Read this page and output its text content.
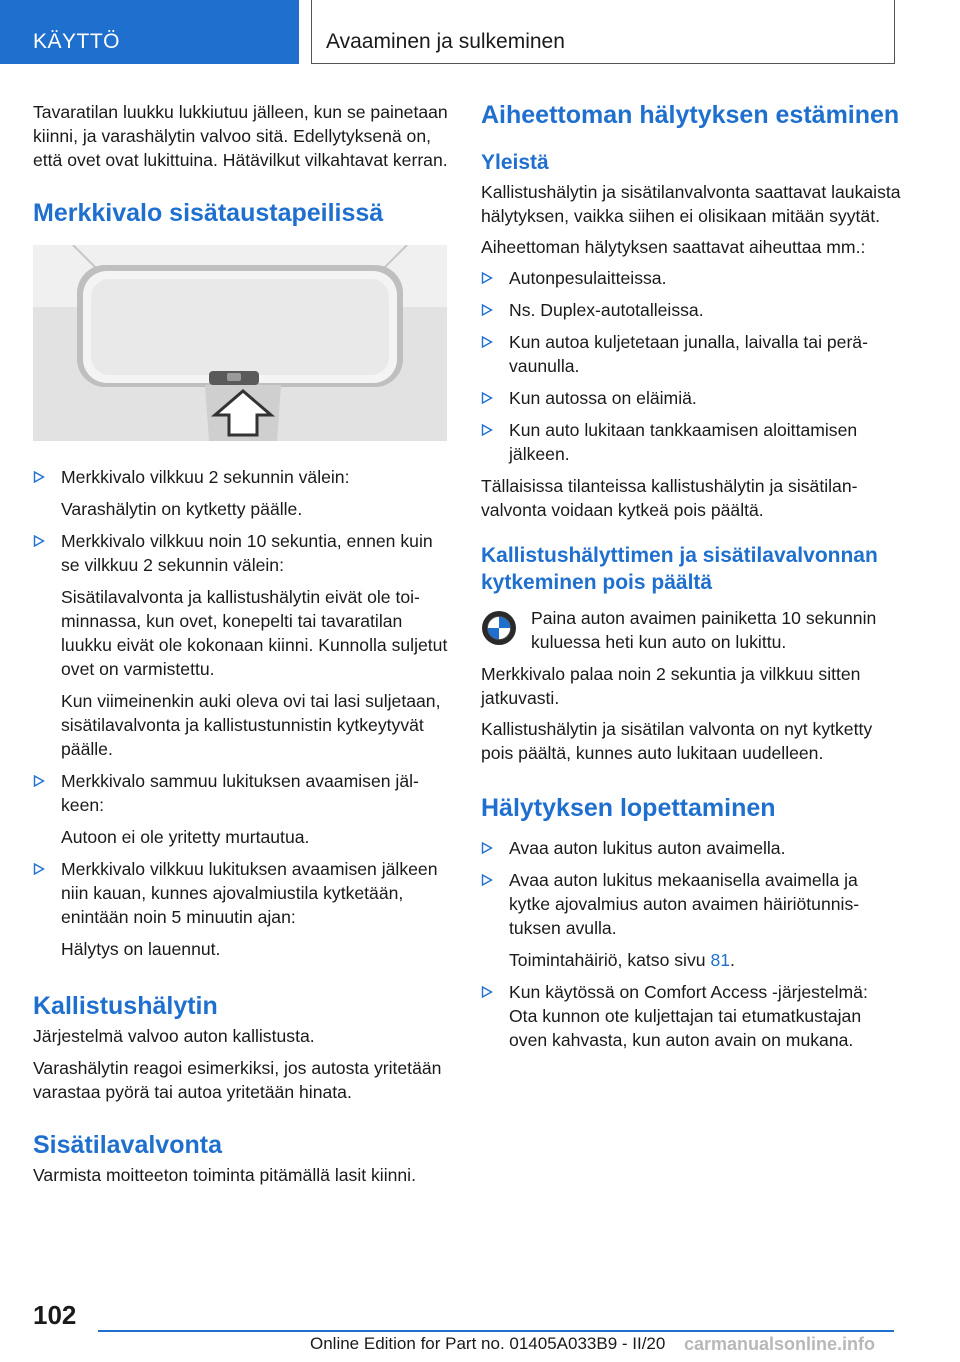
KÄYTTÖ	Avaaminen ja sulkeminen

Tavaratilan luukku lukkiutuu jälleen, kun se painetaan kiinni, ja varashälytin valvoo sitä. Edellytyksenä on, että ovet ovat lukittuina. Hätävilkut vilkahtavat kerran.

Merkkivalo sisätaustapeilissä
Merkkivalo vilkkuu 2 sekunnin välein:
Varashälytin on kytketty päälle.
Merkkivalo vilkkuu noin 10 sekuntia, ennen kuin se vilkkuu 2 sekunnin välein:
Sisätilavalvonta ja kallistushälytin eivät ole toiminnassa, kun ovet, konepelti tai tavaratilan luukku eivät ole kokonaan kiinni. Kunnolla suljetut ovet on varmistettu.
Kun viimeinenkin auki oleva ovi tai lasi suljetaan, sisätilavalvonta ja kallistustunnistin kytkeytyvät päälle.
Merkkivalo sammuu lukituksen avaamisen jälkeen:
Autoon ei ole yritetty murtautua.
Merkkivalo vilkkuu lukituksen avaamisen jälkeen niin kauan, kunnes ajovalmiustila kytketään, enintään noin 5 minuutin ajan:
Hälytys on lauennut.
Kallistushälytin

Järjestelmä valvoo auton kallistusta.

Varashälytin reagoi esimerkiksi, jos autosta yritetään varastaa pyörä tai autoa yritetään hinata.

Sisätilavalvonta

Varmista moitteeton toiminta pitämällä lasit kiinni.

Aiheettoman hälytyksen estäminen
Yleistä

Kallistushälytin ja sisätilanvalvonta saattavat laukaista hälytyksen, vaikka siihen ei olisikaan mitään syytät.

Aiheettoman hälytyksen saattavat aiheuttaa mm.:

Autonpesulaitteissa.
Ns. Duplex-autotalleissa.
Kun autoa kuljetetaan junalla, laivalla tai perävaunulla.
Kun autossa on eläimiä.
Kun auto lukitaan tankkaamisen aloittamisen jälkeen.

Tällaisissa tilanteissa kallistushälytin ja sisätilanvalvonta voidaan kytkeä pois päältä.

Kallistushälyttimen ja sisätilavalvonnan kytkeminen pois päältä
Paina auton avaimen painiketta 10 sekunnin kuluessa heti kun auto on lukittu.

Merkkivalo palaa noin 2 sekuntia ja vilkkuu sitten jatkuvasti.

Kallistushälytin ja sisätilan valvonta on nyt kytketty pois päältä, kunnes auto lukitaan uudelleen.

Hälytyksen lopettaminen
Avaa auton lukitus auton avaimella.
Avaa auton lukitus mekaanisella avaimella ja kytke ajovalmius auton avaimen häiriötunnistuksen avulla.
Toimintahäiriö, katso sivu 81.
Kun käytössä on Comfort Access -järjestelmä: Ota kunnon ote kuljettajan tai etumatkustajan oven kahvasta, kun auton avain on mukana.
102
Online Edition for Part no. 01405A033B9 - II/20 carmanualsonline.info
